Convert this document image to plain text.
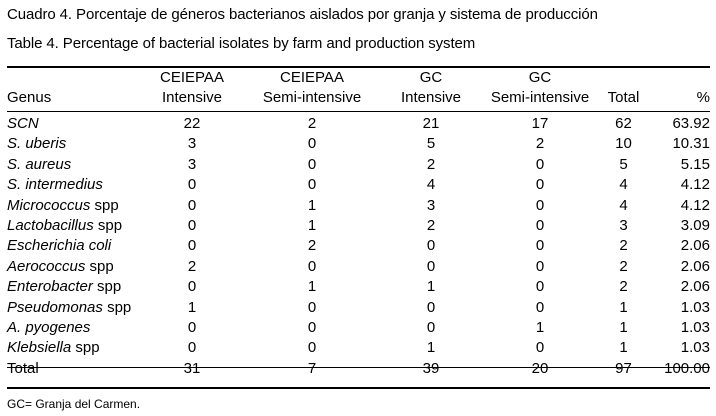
Cuadro 4. Porcentaje de géneros bacterianos aislados por granja y sistema de producción
Table 4. Percentage of bacterial isolates by farm and production system
	CEIEPAA	CEIEPAA	GC	GC		
Genus	Intensive	Semi-intensive	Intensive	Semi-intensive	Total	%

SCN	22	2	21	17	62	63.92
S. uberis	3	0	5	2	10	10.31
S. aureus	3	0	2	0	5	5.15
S. intermedius	0	0	4	0	4	4.12
Micrococcus spp	0	1	3	0	4	4.12
Lactobacillus spp	0	1	2	0	3	3.09
Escherichia coli	0	2	0	0	2	2.06
Aerococcus spp	2	0	0	0	2	2.06
Enterobacter spp	0	1	1	0	2	2.06
Pseudomonas spp	1	0	0	0	1	1.03
A. pyogenes	0	0	0	1	1	1.03
Klebsiella spp	0	0	1	0	1	1.03
Total	31	7	39	20	97	100.00
GC= Granja del Carmen.
